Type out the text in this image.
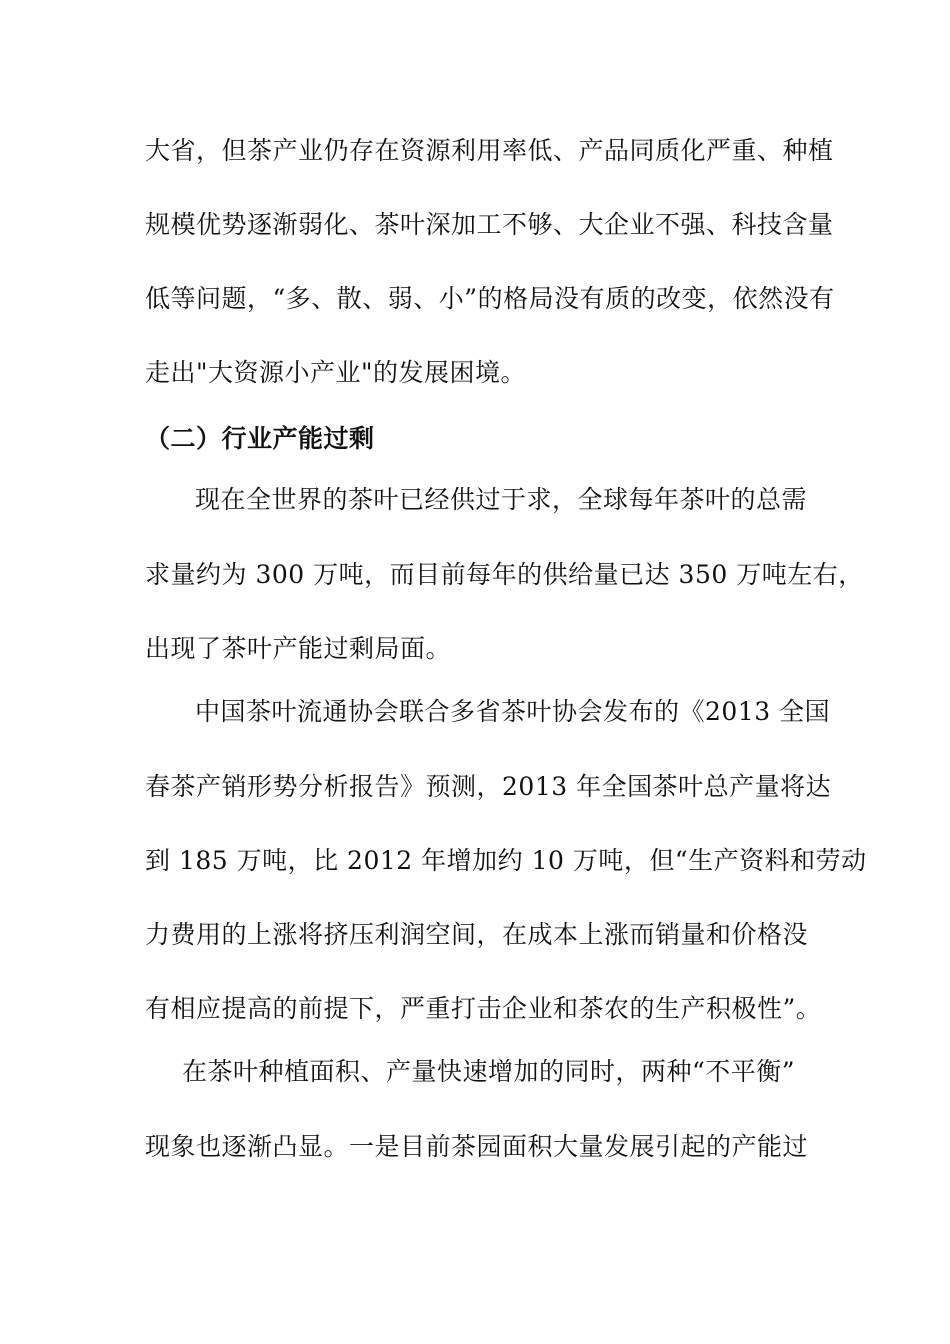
大省，但茶产业仍存在资源利用率低、产品同质化严重、种植
规模优势逐渐弱化、茶叶深加工不够、大企业不强、科技含量
低等问题，“多、散、弱、小”的格局没有质的改变，依然没有
走出"大资源小产业"的发展困境。
（二）行业产能过剩
现在全世界的茶叶已经供过于求，全球每年茶叶的总需
求量约为 300 万吨，而目前每年的供给量已达 350 万吨左右，
出现了茶叶产能过剩局面。
中国茶叶流通协会联合多省茶叶协会发布的《2013 全国
春茶产销形势分析报告》预测，2013 年全国茶叶总产量将达
到 185 万吨，比 2012 年增加约 10 万吨，但“生产资料和劳动
力费用的上涨将挤压利润空间，在成本上涨而销量和价格没
有相应提高的前提下，严重打击企业和茶农的生产积极性”。
在茶叶种植面积、产量快速增加的同时，两种“不平衡”
现象也逐渐凸显。一是目前茶园面积大量发展引起的产能过
